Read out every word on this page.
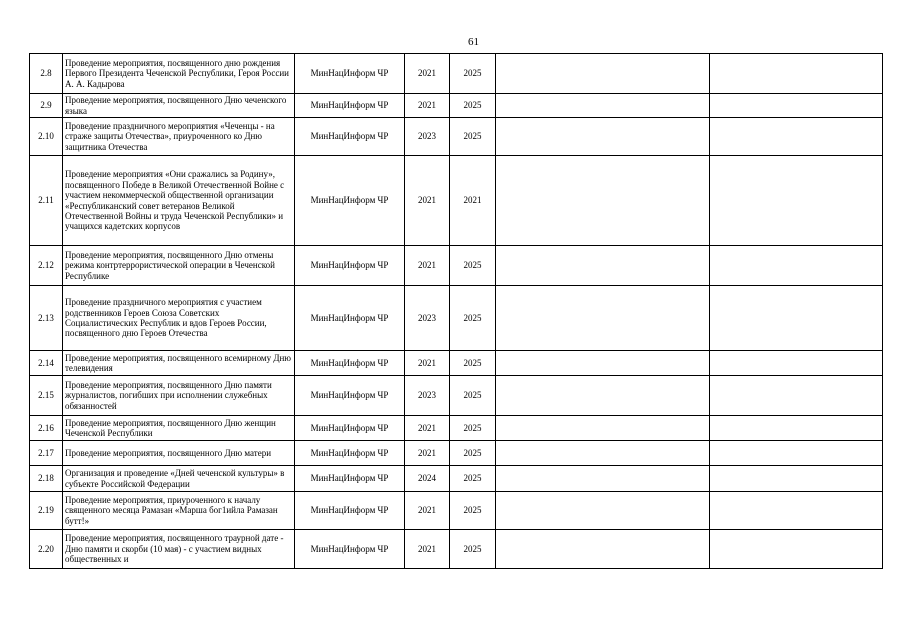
61
2.8	Проведение мероприятия, посвященного дню рождения Первого Президента Чеченской Республики, Героя России А. А. Кадырова	МинНацИнформ ЧР	2021	2025		
2.9	Проведение мероприятия, посвященного Дню чеченского языка	МинНацИнформ ЧР	2021	2025		
2.10	Проведение праздничного мероприятия «Чеченцы - на страже защиты Отечества», приуроченного ко Дню защитника Отечества	МинНацИнформ ЧР	2023	2025		
2.11	Проведение мероприятия «Они сражались за Родину», посвященного Победе в Великой Отечественной Войне с участием некоммерческой общественной организации «Республиканский совет ветеранов Великой Отечественной Войны и труда Чеченской Республики» и учащихся кадетских корпусов	МинНацИнформ ЧР	2021	2021		
2.12	Проведение мероприятия, посвященного Дню отмены режима контртеррористической операции в Чеченской Республике	МинНацИнформ ЧР	2021	2025		
2.13	Проведение праздничного мероприятия с участием родственников Героев Союза Советских Социалистических Республик и вдов Героев России, посвященного дню Героев Отечества	МинНацИнформ ЧР	2023	2025		
2.14	Проведение мероприятия, посвященного всемирному Дню телевидения	МинНацИнформ ЧР	2021	2025		
2.15	Проведение мероприятия, посвященного Дню памяти журналистов, погибших при исполнении служебных обязанностей	МинНацИнформ ЧР	2023	2025		
2.16	Проведение мероприятия, посвященного Дню женщин Чеченской Республики	МинНацИнформ ЧР	2021	2025		
2.17	Проведение мероприятия, посвященного Дню матери	МинНацИнформ ЧР	2021	2025		
2.18	Организация и проведение «Дней чеченской культуры» в субъекте Российской Федерации	МинНацИнформ ЧР	2024	2025		
2.19	Проведение мероприятия, приуроченного к началу священного месяца Рамазан «Марша бог1ийла Рамазан бутт!»	МинНацИнформ ЧР	2021	2025		
2.20	Проведение мероприятия, посвященного траурной дате - Дню памяти и скорби (10 мая) - с участием видных общественных и	МинНацИнформ ЧР	2021	2025		
